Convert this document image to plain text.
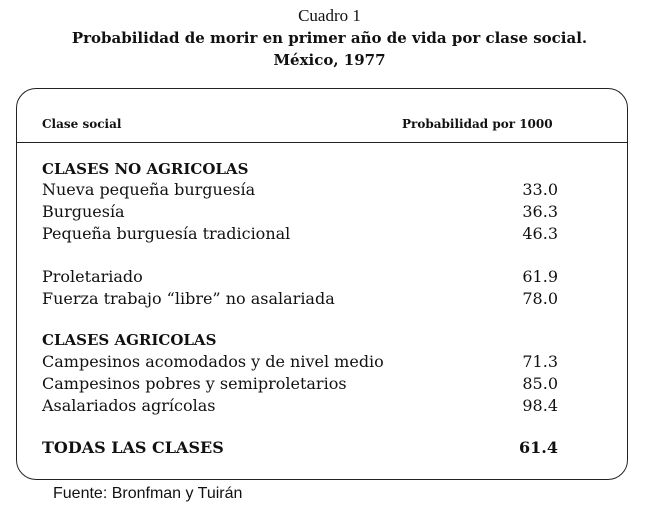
Cuadro 1
Probabilidad de morir en primer año de vida por clase social.
México, 1977
Clase social	Probabilidad por 1000
CLASES NO AGRICOLAS
Nueva pequeña burguesía	33.0
Burguesía	36.3
Pequeña burguesía tradicional	46.3
Proletariado	61.9
Fuerza trabajo “libre” no asalariada	78.0
CLASES AGRICOLAS
Campesinos acomodados y de nivel medio	71.3
Campesinos pobres y semiproletarios	85.0
Asalariados agrícolas	98.4
TODAS LAS CLASES	61.4
Fuente: Bronfman y Tuirán
